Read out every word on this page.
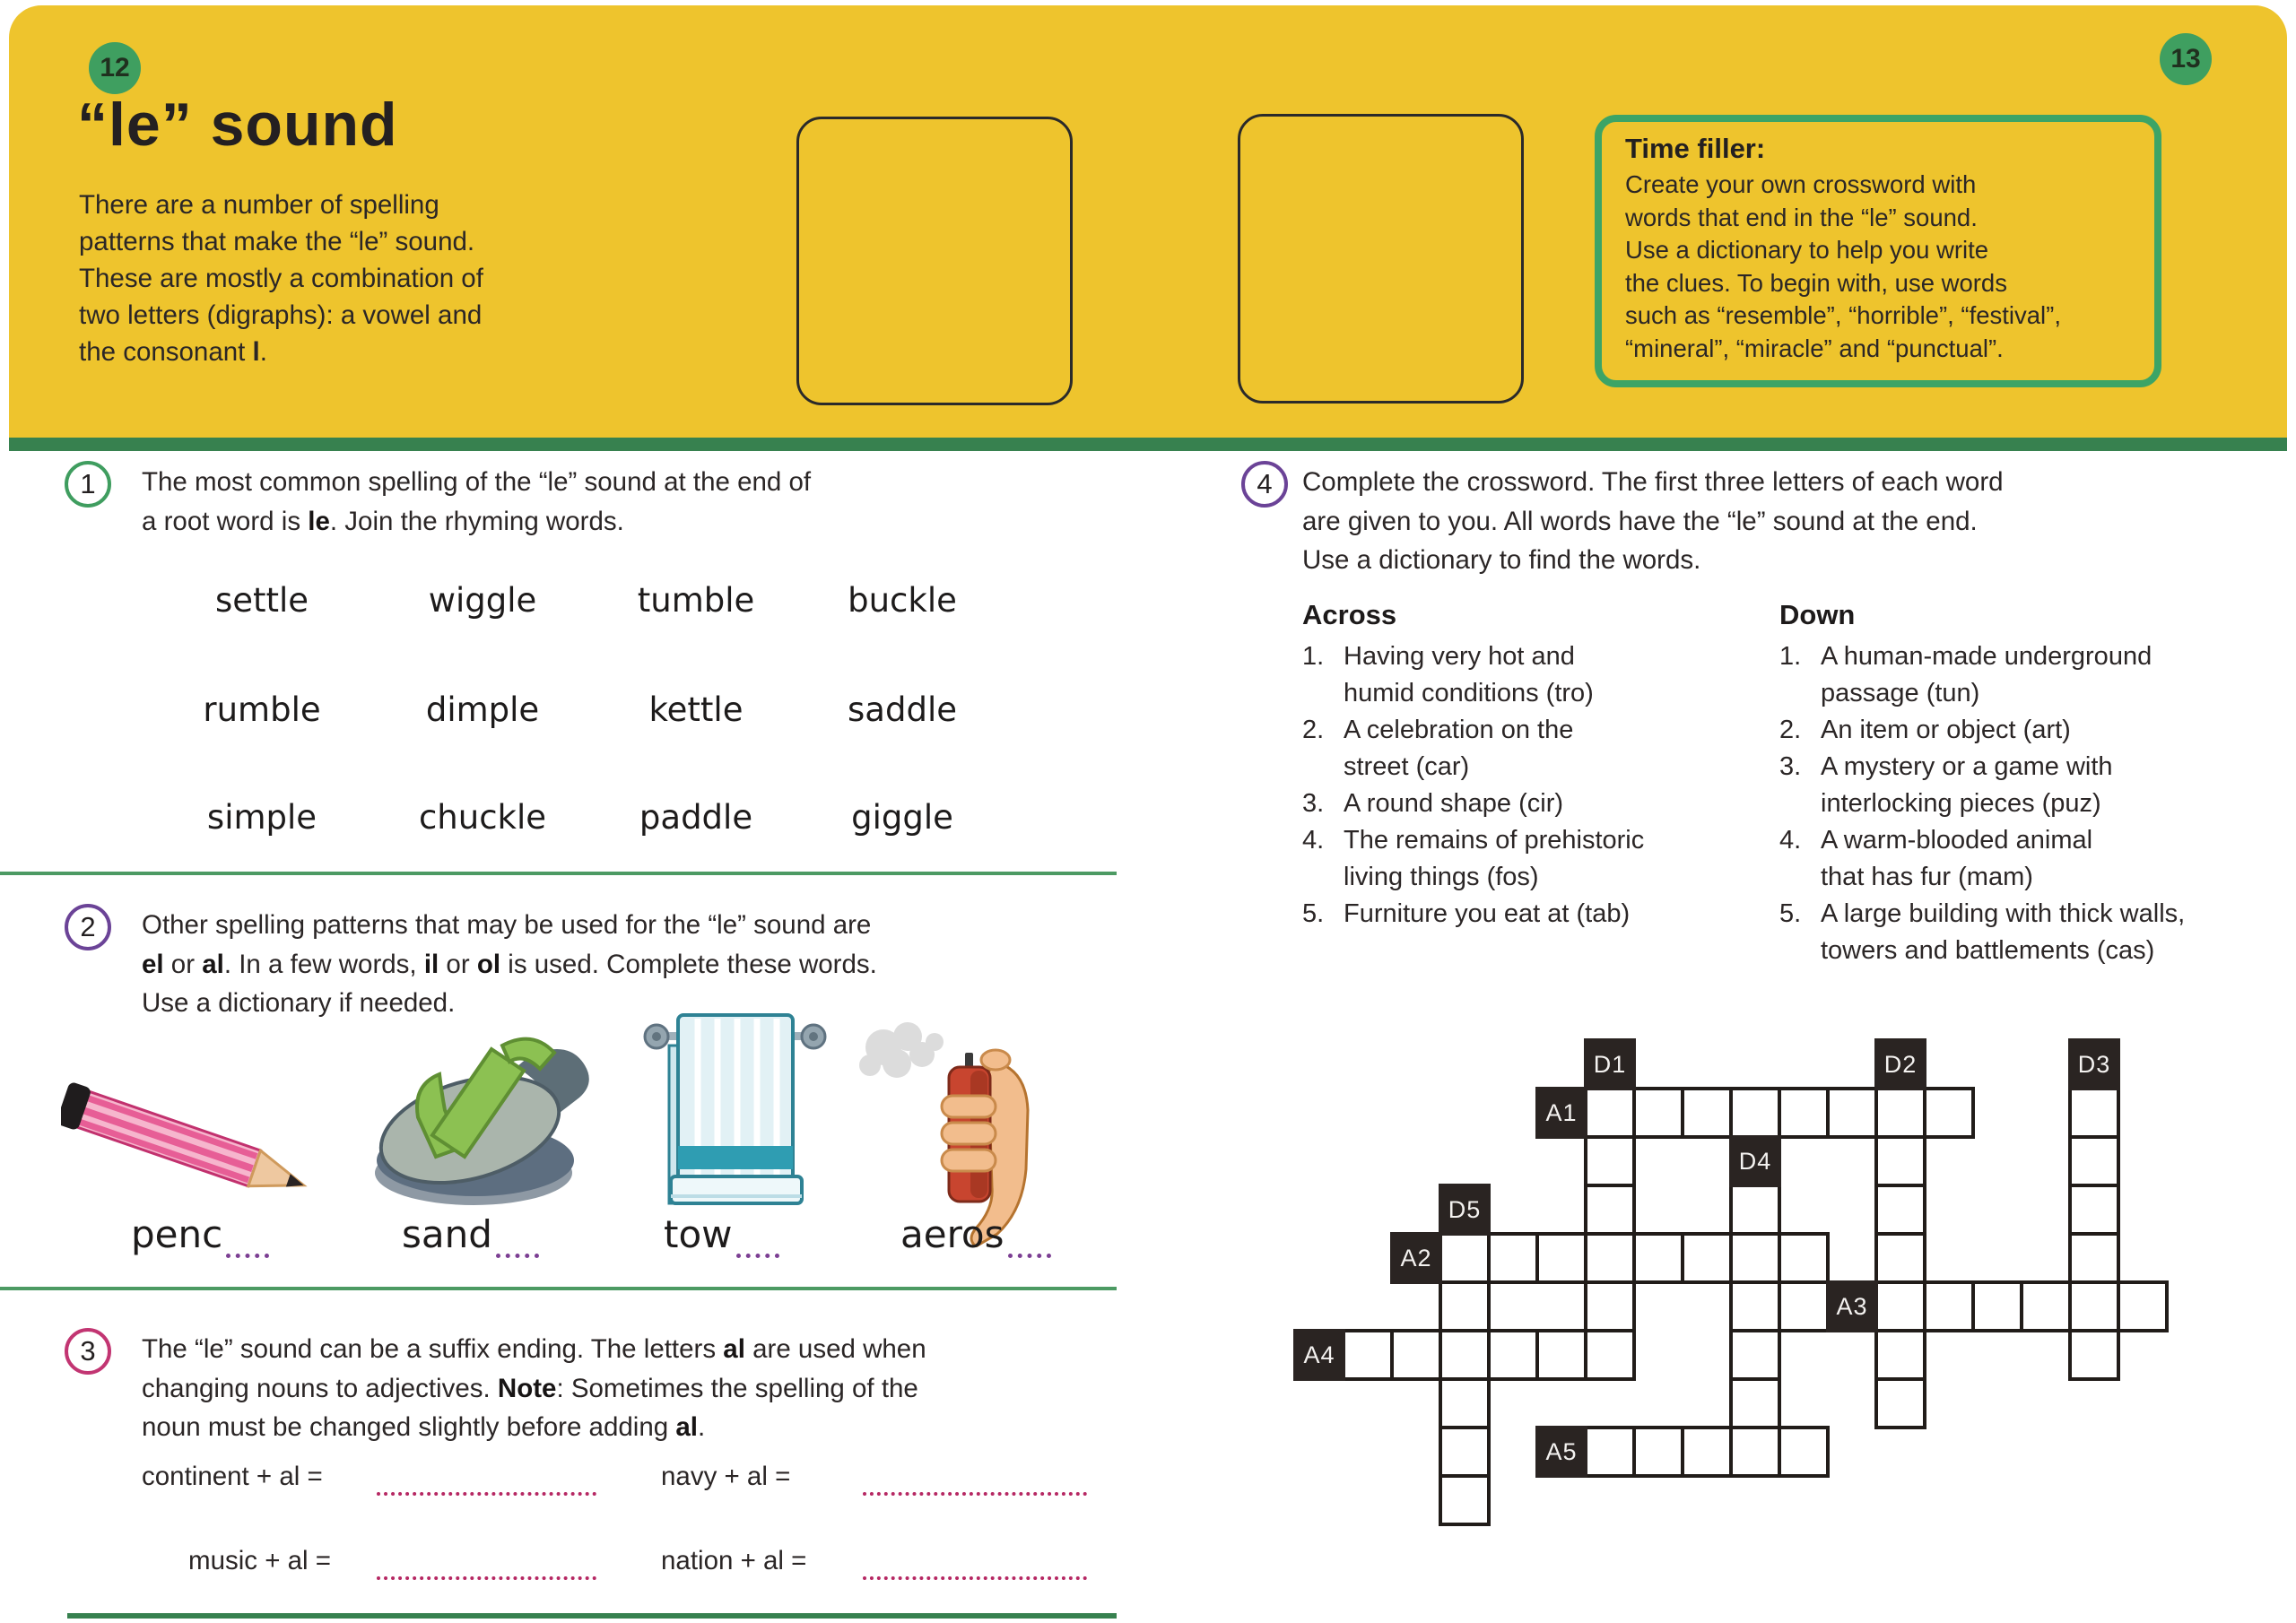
12	13
“le” sound
There are a number of spelling
patterns that make the “le” sound.
These are mostly a combination of
two letters (digraphs): a vowel and
the consonant l.
Time filler:
Create your own crossword with
words that end in the “le” sound.
Use a dictionary to help you write
the clues. To begin with, use words
such as “resemble”, “horrible”, “festival”,
“mineral”, “miracle” and “punctual”.
1	The most common spelling of the “le” sound at the end of
a root word is le. Join the rhyming words.
settle	wiggle	tumble	buckle
rumble	dimple	kettle	saddle
simple	chuckle	paddle	giggle
2	Other spelling patterns that may be used for the “le” sound are
el or al. In a few words, il or ol is used. Complete these words.
Use a dictionary if needed.
penc	sand	tow	aeros
3	The “le” sound can be a suffix ending. The letters al are used when
changing nouns to adjectives. Note: Sometimes the spelling of the
noun must be changed slightly before adding al.
continent + al =	navy + al =
music + al =	nation + al =
4	Complete the crossword. The first three letters of each word
are given to you. All words have the “le” sound at the end.
Use a dictionary to find the words.
Across	Down
1. Having very hot and
humid conditions (tro)
2. A celebration on the
street (car)
3. A round shape (cir)
4. The remains of prehistoric
living things (fos)
5. Furniture you eat at (tab)
1. A human-made underground
passage (tun)
2. An item or object (art)
3. A mystery or a game with
interlocking pieces (puz)
4. A warm-blooded animal
that has fur (mam)
5. A large building with thick walls,
towers and battlements (cas)
D1	D2	D3
A1
D4
D5
A2
A3
A4
A5
